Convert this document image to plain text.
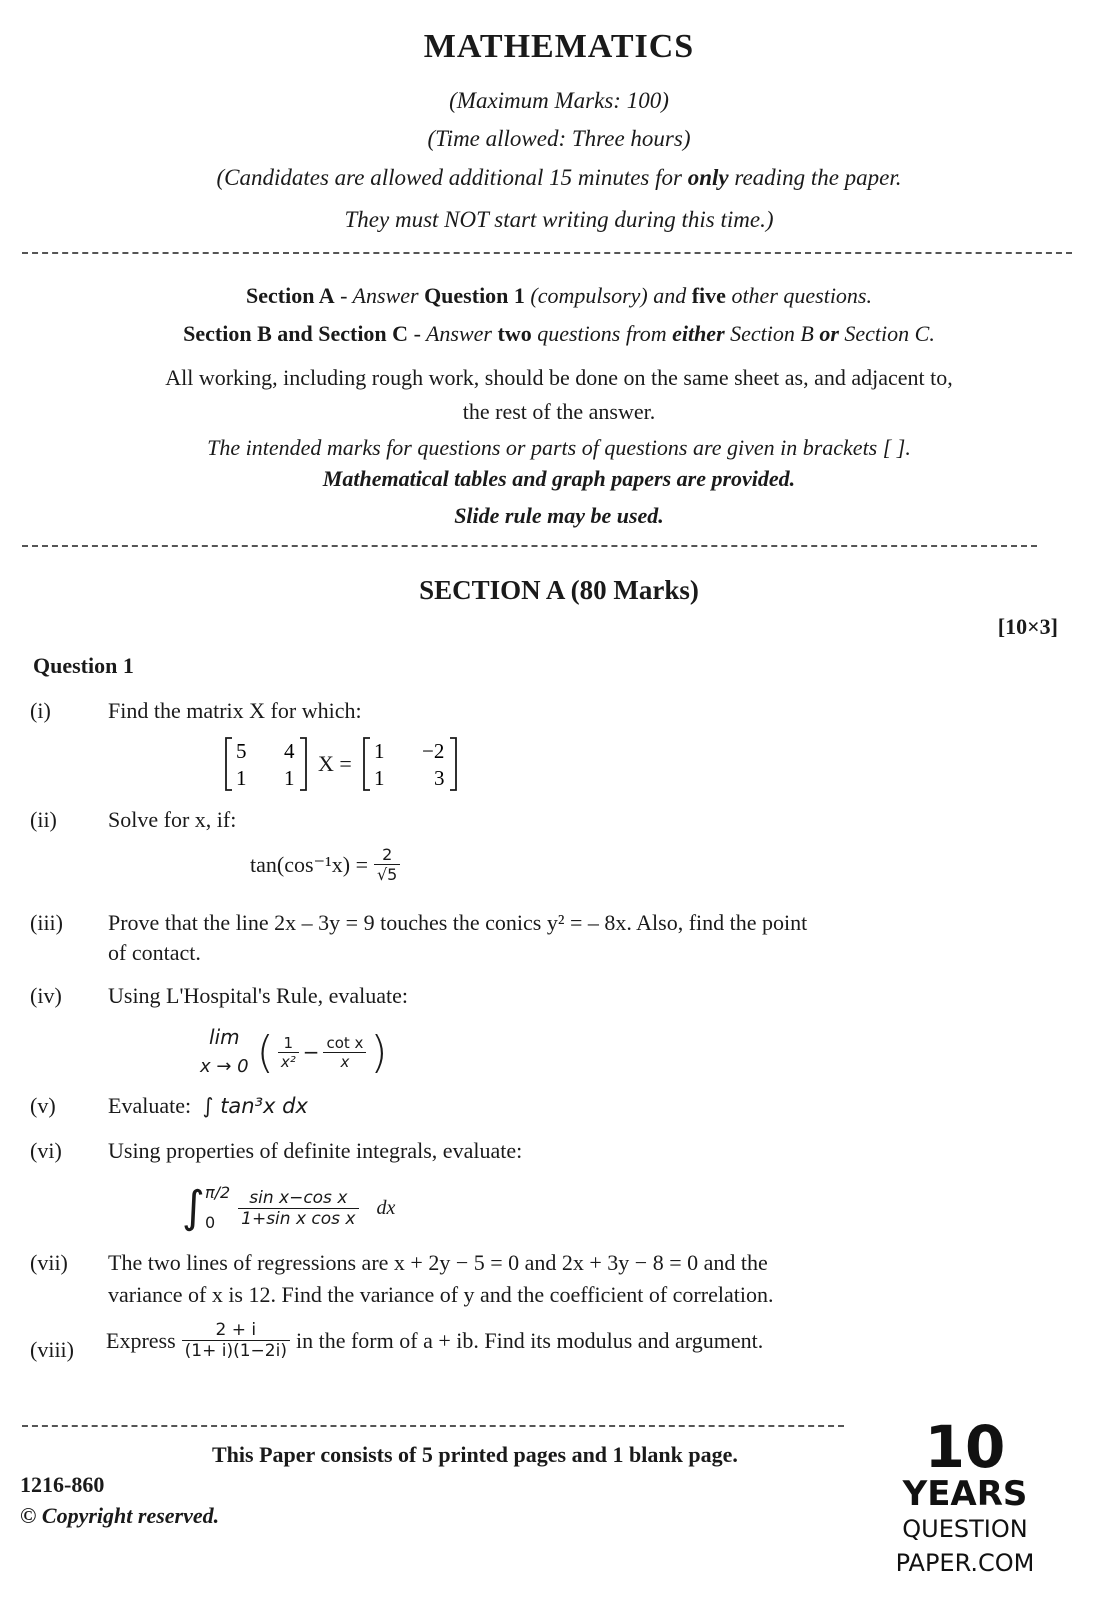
MATHEMATICS
(Maximum Marks: 100)
(Time allowed: Three hours)
(Candidates are allowed additional 15 minutes for only reading the paper.
They must NOT start writing during this time.)
Section A - Answer Question 1 (compulsory) and five other questions.
Section B and Section C - Answer two questions from either Section B or Section C.
All working, including rough work, should be done on the same sheet as, and adjacent to,
the rest of the answer.
The intended marks for questions or parts of questions are given in brackets [ ].
Mathematical tables and graph papers are provided.
Slide rule may be used.
SECTION A (80 Marks)
[10×3]
Question 1
(i)	Find the matrix X for which:
5 4
1 1
X = 1 −2
1 3
(ii) Solve for x, if:
$\tan(\cos^{-1}x) = \frac{2}{√5}$
(iii) Prove that the line 2x – 3y = 9 touches the conics y² = – 8x. Also, find the point
of contact.
(iv) Using L'Hospital's Rule, evaluate:
lim
x → 0 ( $\frac{1}{\text{x²}} - \frac{\text{cot x}}{x}$ )
(v) Evaluate: ∫ tan³x dx
(vi) Using properties of definite integrals, evaluate:
∫ π/2
0	$\frac{\text{sin x−cos x}}{\text{1+sin x cos x}}$ dx
(vii) The two lines of regressions are x + 2y − 5 = 0 and 2x + 3y − 8 = 0 and the
variance of x is 12. Find the variance of y and the coefficient of correlation.
(viii) Express $\frac{2 + i}{(1+ i)(1-2i)}$ in the form of a + ib. Find its modulus and argument.
This Paper consists of 5 printed pages and 1 blank page.
1216-860
© Copyright reserved.
10
YEARS
QUESTION PAPER.COM
